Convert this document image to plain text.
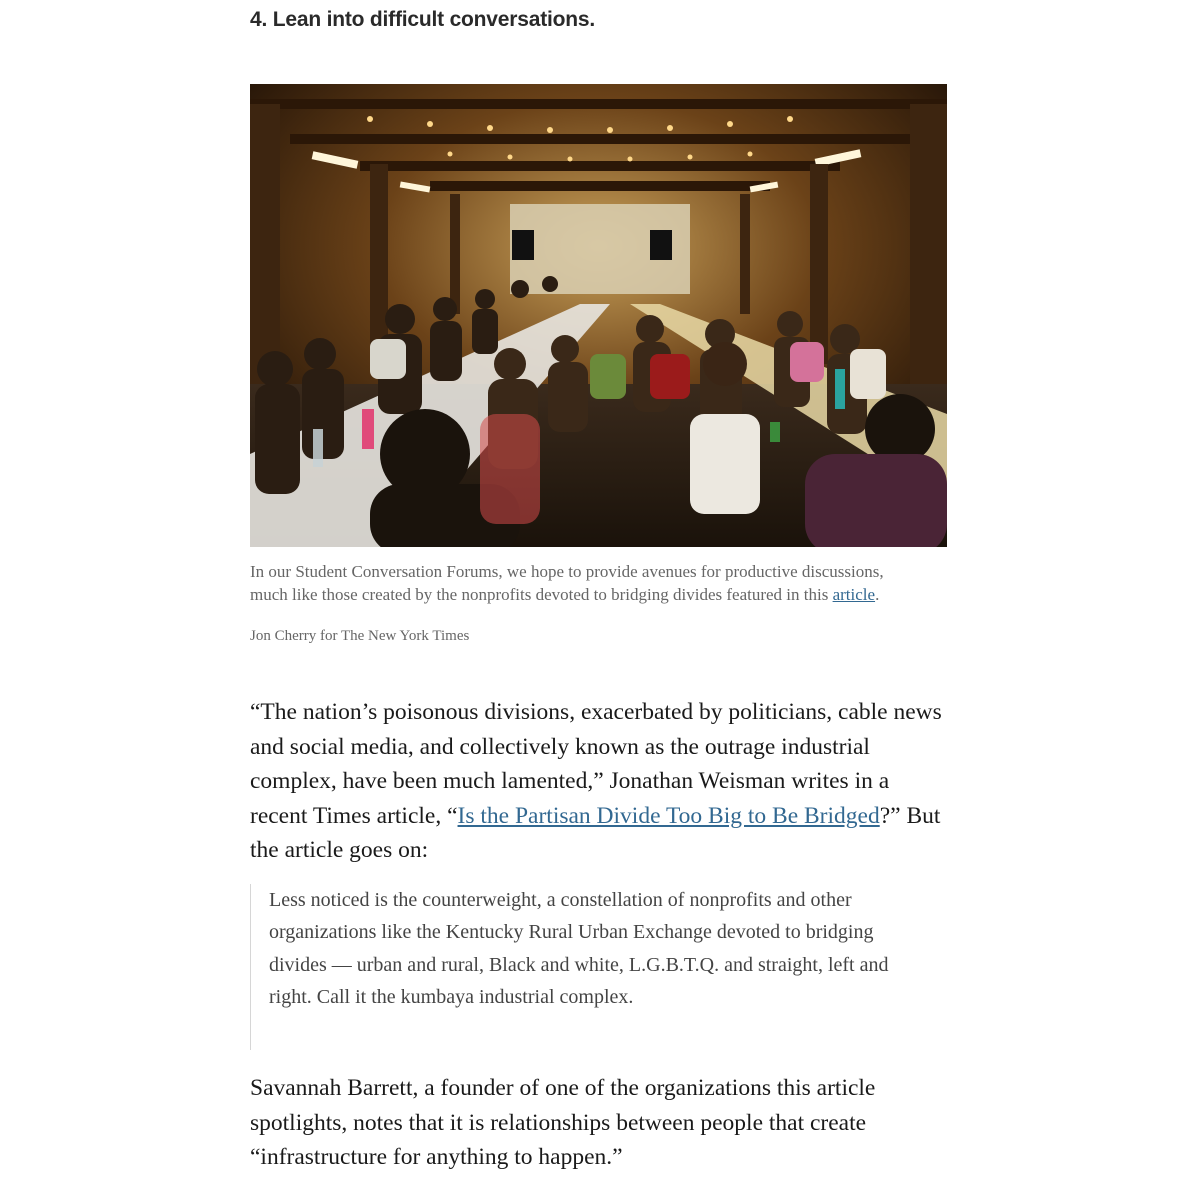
4. Lean into difficult conversations.
In our Student Conversation Forums, we hope to provide avenues for productive discussions, much like those created by the nonprofits devoted to bridging divides featured in this article.
Jon Cherry for The New York Times
“The nation’s poisonous divisions, exacerbated by politicians, cable news and social media, and collectively known as the outrage industrial complex, have been much lamented,” Jonathan Weisman writes in a recent Times article, “Is the Partisan Divide Too Big to Be Bridged?” But the article goes on:
Less noticed is the counterweight, a constellation of nonprofits and other organizations like the Kentucky Rural Urban Exchange devoted to bridging divides — urban and rural, Black and white, L.G.B.T.Q. and straight, left and right. Call it the kumbaya industrial complex.
Savannah Barrett, a founder of one of the organizations this article spotlights, notes that it is relationships between people that create “infrastructure for anything to happen.”
